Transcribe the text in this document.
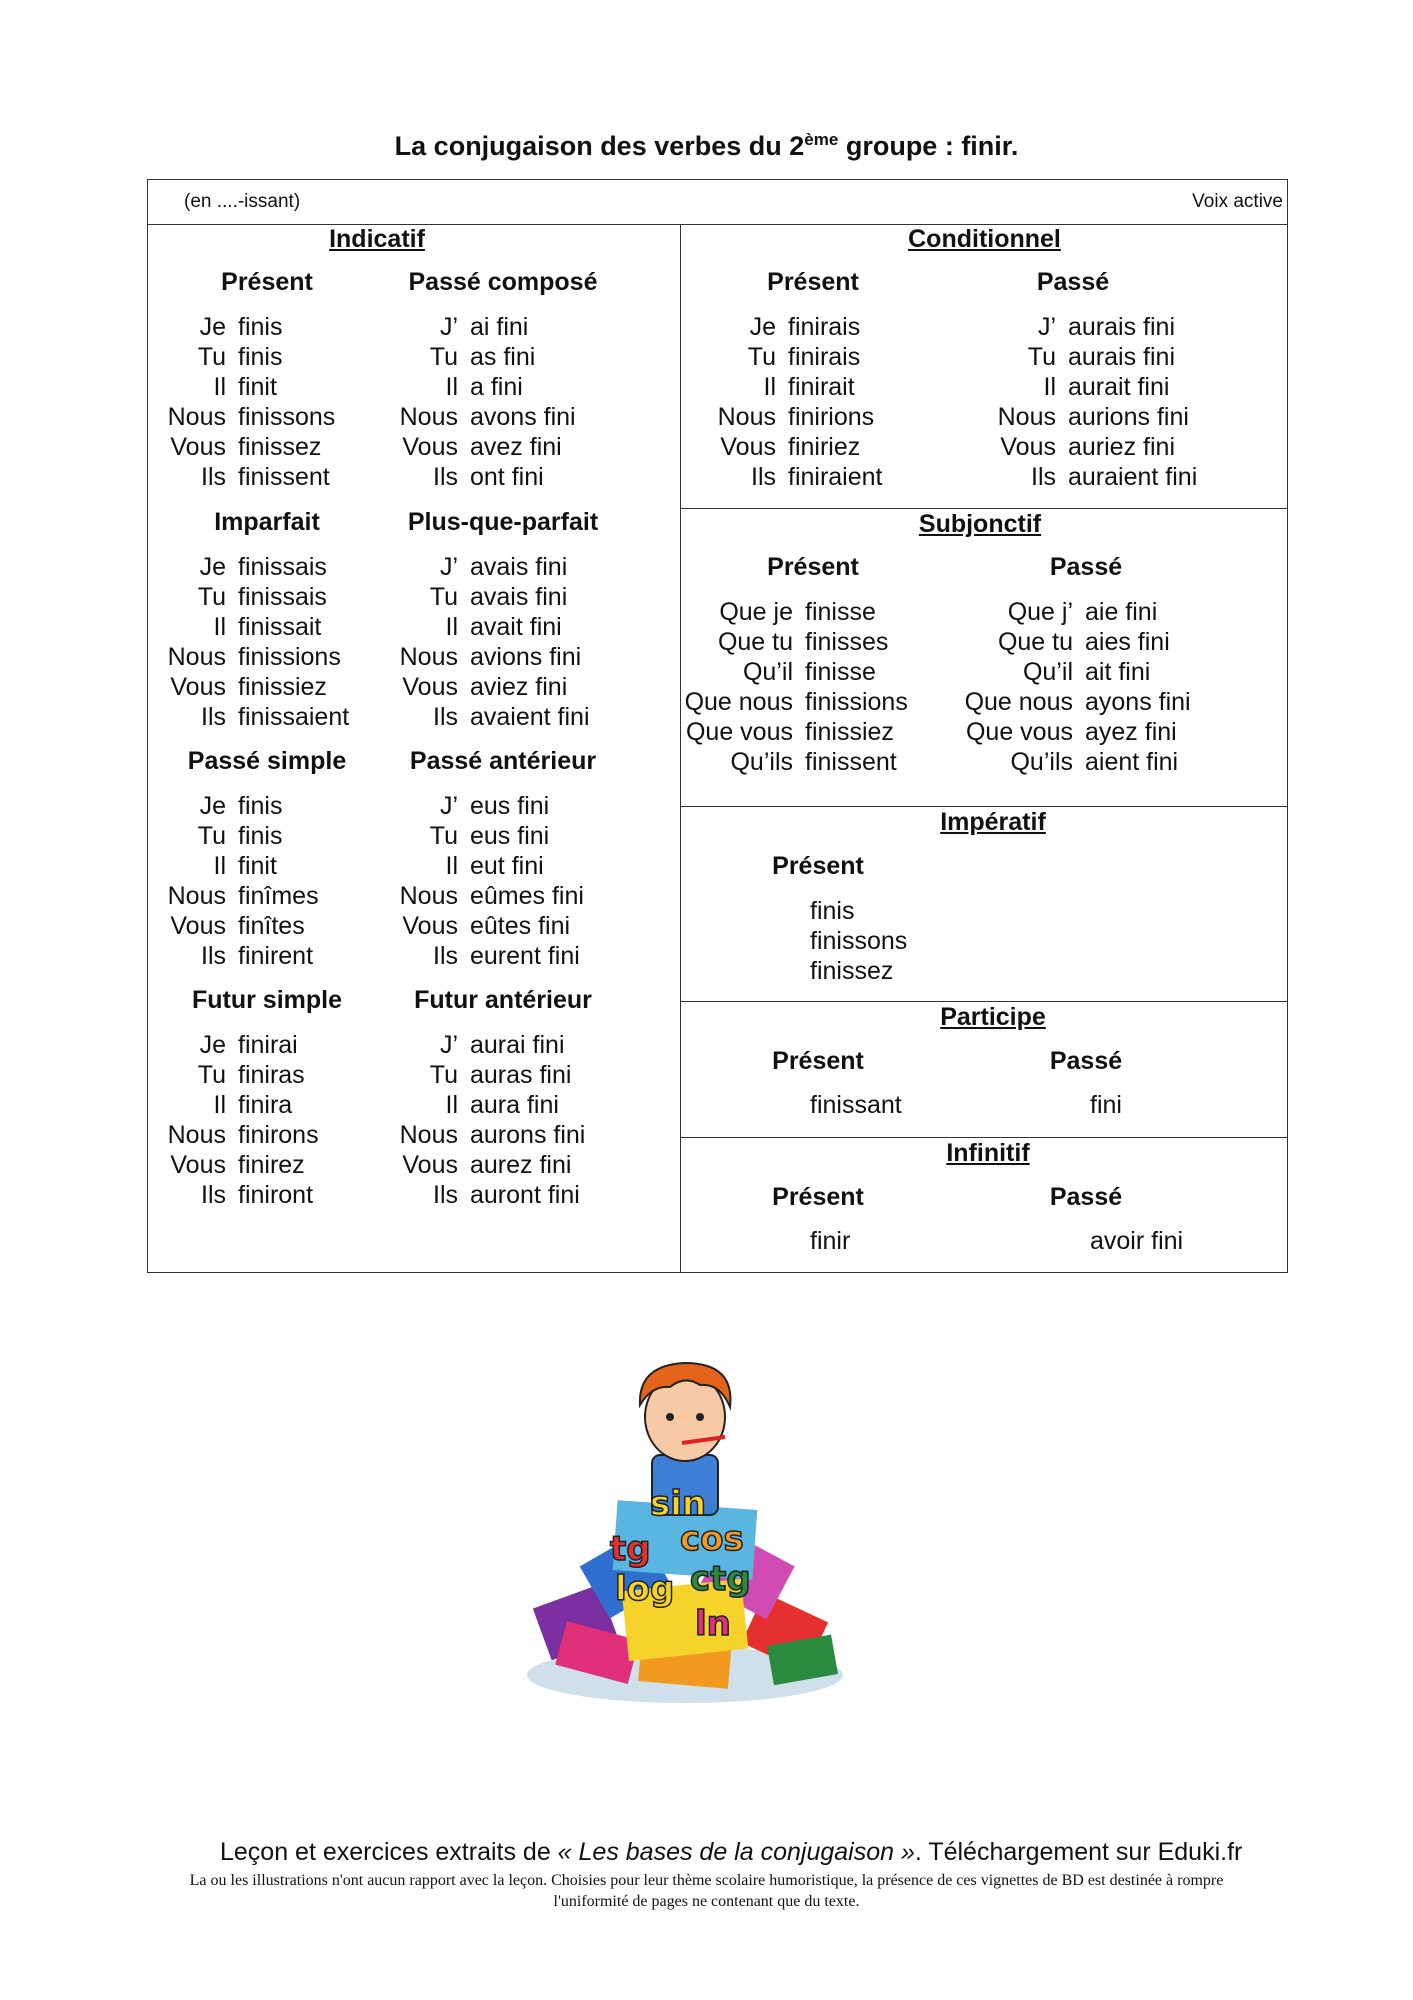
La conjugaison des verbes du 2ème groupe : finir.
(en ....-issant)	Voix active
Indicatif
Présent
Je finis
Tu finis
Il finit
Nous finissons
Vous finissez
Ils finissent
Passé composé
J’ ai fini
Tu as fini
Il a fini
Nous avons fini
Vous avez fini
Ils ont fini
Imparfait
Je finissais
Tu finissais
Il finissait
Nous finissions
Vous finissiez
Ils finissaient
Plus-que-parfait
J’ avais fini
Tu avais fini
Il avait fini
Nous avions fini
Vous aviez fini
Ils avaient fini
Passé simple
Je finis
Tu finis
Il finit
Nous finîmes
Vous finîtes
Ils finirent
Passé antérieur
J’ eus fini
Tu eus fini
Il eut fini
Nous eûmes fini
Vous eûtes fini
Ils eurent fini
Futur simple
Je finirai
Tu finiras
Il finira
Nous finirons
Vous finirez
Ils finiront
Futur antérieur
J’ aurai fini
Tu auras fini
Il aura fini
Nous aurons fini
Vous aurez fini
Ils auront fini
Conditionnel
Présent
Je finirais
Tu finirais
Il finirait
Nous finirions
Vous finiriez
Ils finiraient
Passé
J’ aurais fini
Tu aurais fini
Il aurait fini
Nous aurions fini
Vous auriez fini
Ils auraient fini
Subjonctif
Présent
Que je finisse
Que tu finisses
Qu’il finisse
Que nous finissions
Que vous finissiez
Qu’ils finissent
Passé
Que j’ aie fini
Que tu aies fini
Qu’il ait fini
Que nous ayons fini
Que vous ayez fini
Qu’ils aient fini
Impératif
Présent
finis
finissons
finissez
Participe
Présent	Passé
finissant	fini
Infinitif
Présent	Passé
finir	avoir fini
sin
tg cos
ctg
log
ln
Leçon et exercices extraits de « Les bases de la conjugaison ». Téléchargement sur Eduki.fr
La ou les illustrations n'ont aucun rapport avec la leçon. Choisies pour leur thème scolaire humoristique, la présence de ces vignettes de BD est destinée à rompre
l'uniformité de pages ne contenant que du texte.
